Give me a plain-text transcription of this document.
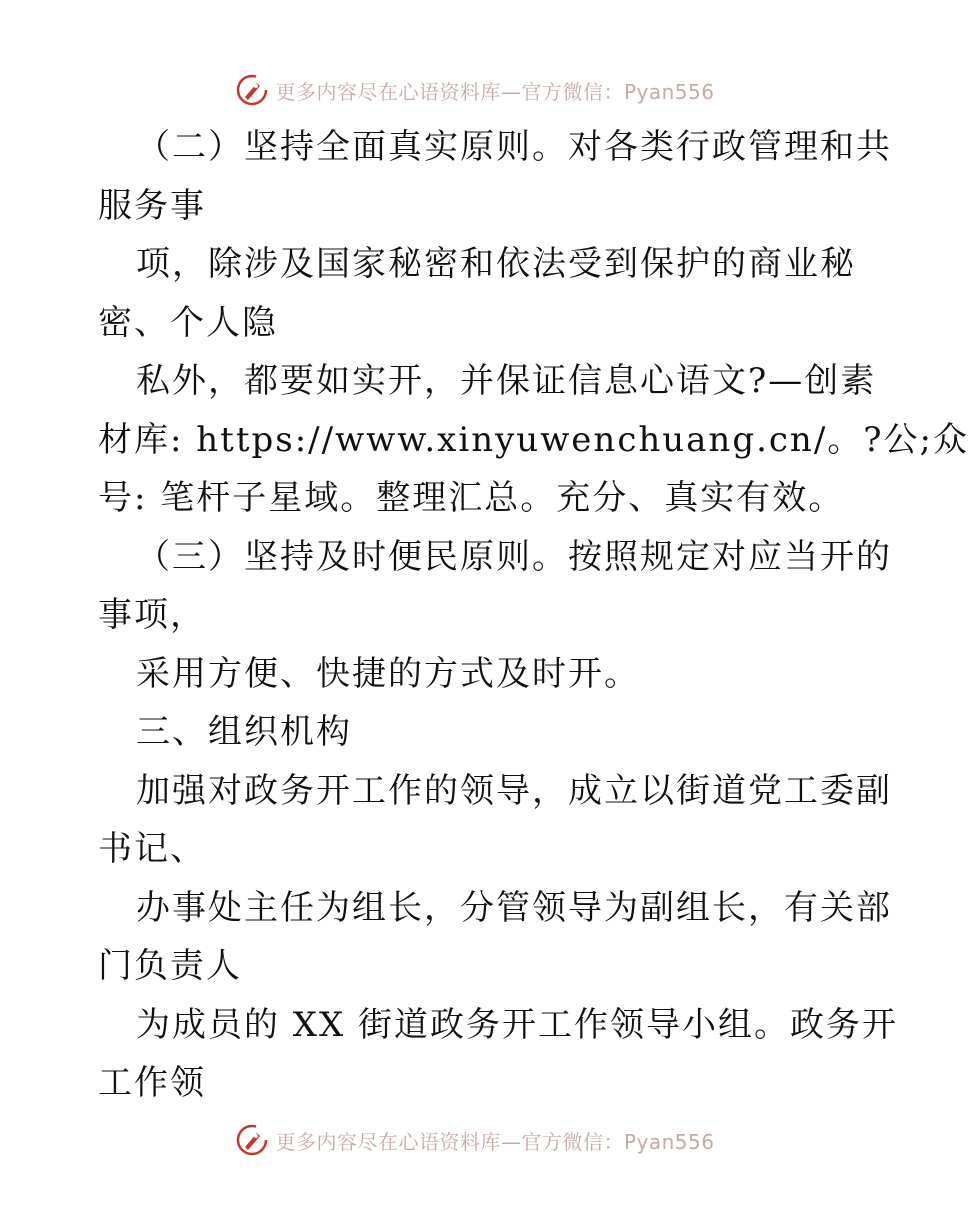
更多内容尽在心语资料库—官方微信：Pyan556
（二）坚持全面真实原则。对各类行政管理和共
服务事
项，除涉及国家秘密和依法受到保护的商业秘
密、个人隐
私外，都要如实开，并保证信息心语文?—创素
材库: https://www.xinyuwenchuang.cn/。?公;众
号: 笔杆子星域。整理汇总。充分、真实有效。
（三）坚持及时便民原则。按照规定对应当开的
事项，
采用方便、快捷的方式及时开。
三、组织机构
加强对政务开工作的领导，成立以街道党工委副
书记、
办事处主任为组长，分管领导为副组长，有关部
门负责人
为成员的 XX 街道政务开工作领导小组。政务开
工作领
更多内容尽在心语资料库—官方微信：Pyan556
